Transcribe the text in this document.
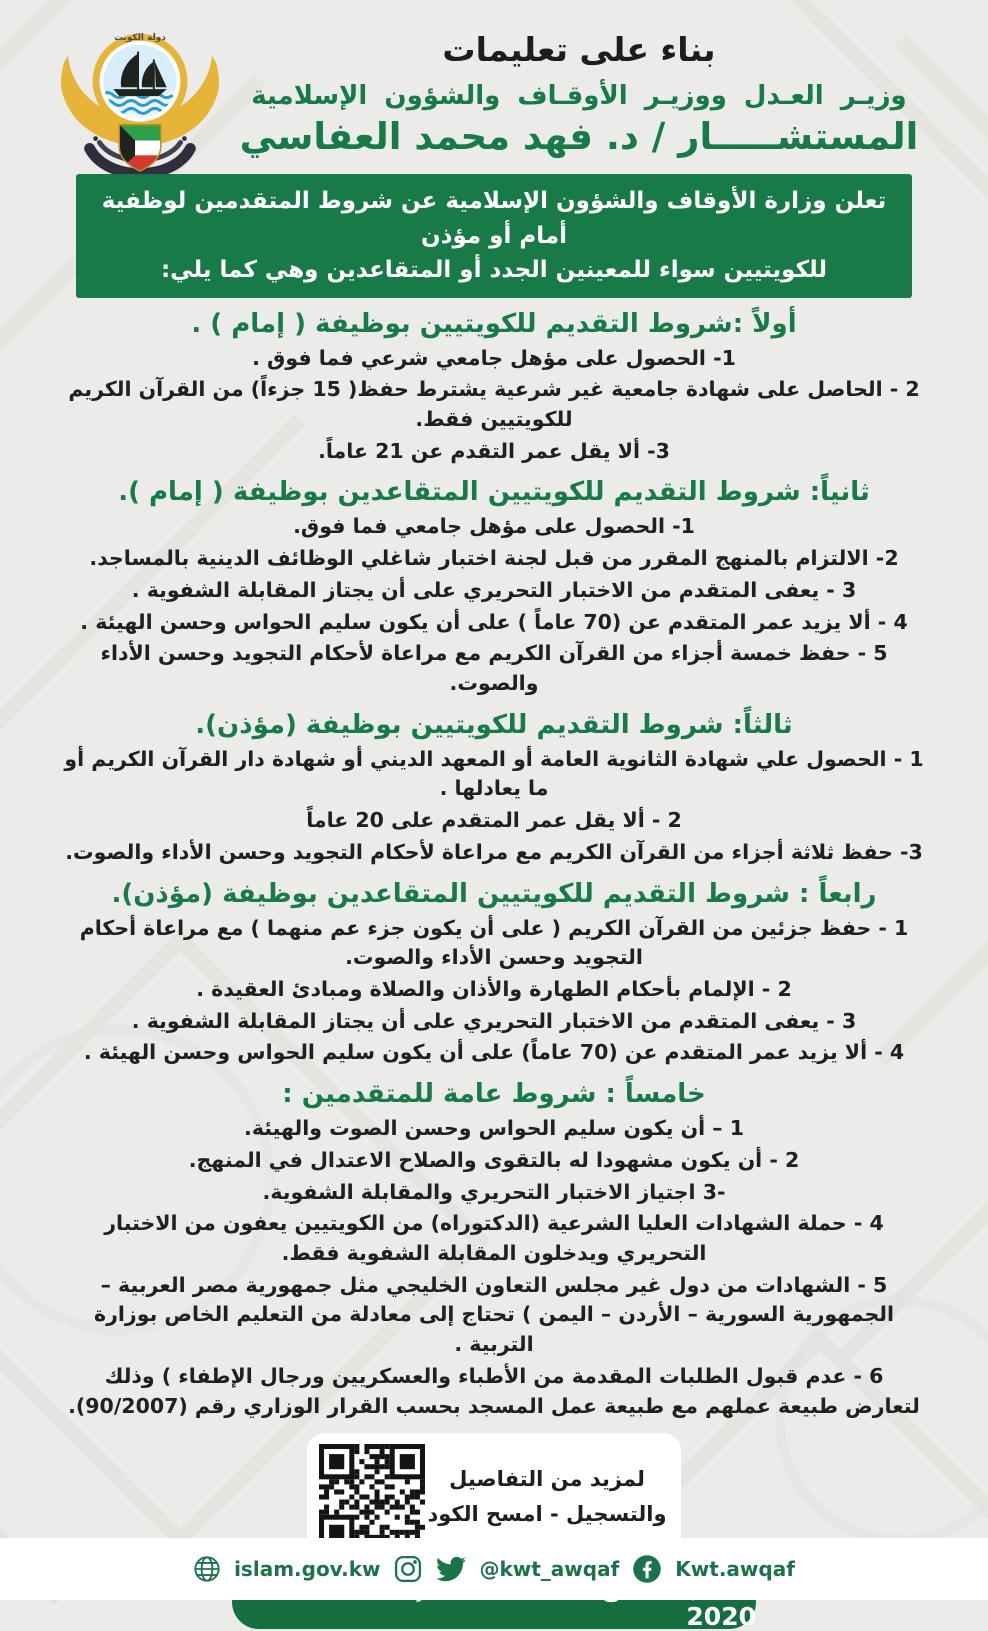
دولة الكويت	بناء على تعليمات
وزيـر العـدل ووزيـر الأوقـاف والشؤون الإسلامية
المستشـــــار / د. فهد محمد العفاسي
تعلن وزارة الأوقاف والشؤون الإسلامية عن شروط المتقدمين لوظفية أمام أو مؤذن
للكويتيين سواء للمعينين الجدد أو المتقاعدين وهي كما يلي:
أولاً :شروط التقديم للكويتيين بوظيفة ( إمام ) .
1- الحصول على مؤهل جامعي شرعي فما فوق .
2 - الحاصل على شهادة جامعية غير شرعية يشترط حفظ( 15 جزءاً) من القرآن الكريم للكويتيين فقط.
3- ألا يقل عمر التقدم عن 21 عاماً.
ثانياً: شروط التقديم للكويتيين المتقاعدين بوظيفة ( إمام ).
1- الحصول على مؤهل جامعي فما فوق.
2- الالتزام بالمنهج المقرر من قبل لجنة اختبار شاغلي الوظائف الدينية بالمساجد.
3 - يعفى المتقدم من الاختبار التحريري على أن يجتاز المقابلة الشفوية .
4 - ألا يزيد عمر المتقدم عن (70 عاماً ) على أن يكون سليم الحواس وحسن الهيئة .
5 - حفظ خمسة أجزاء من القرآن الكريم مع مراعاة لأحكام التجويد وحسن الأداء والصوت.
ثالثاً: شروط التقديم للكويتيين بوظيفة (مؤذن).
1 - الحصول علي شهادة الثانوية العامة أو المعهد الديني أو شهادة دار القرآن الكريم أو ما يعادلها .
2 - ألا يقل عمر المتقدم على 20 عاماً
3- حفظ ثلاثة أجزاء من القرآن الكريم مع مراعاة لأحكام التجويد وحسن الأداء والصوت.
رابعاً : شروط التقديم للكويتيين المتقاعدين بوظيفة (مؤذن).
1 - حفظ جزئين من القرآن الكريم ( على أن يكون جزء عم منهما ) مع مراعاة أحكام التجويد وحسن الأداء والصوت.
2 - الإلمام بأحكام الطهارة والأذان والصلاة ومبادئ العقيدة .
3 - يعفى المتقدم من الاختبار التحريري على أن يجتاز المقابلة الشفوية .
4 - ألا يزيد عمر المتقدم عن (70 عاماً) على أن يكون سليم الحواس وحسن الهيئة .
خامساً : شروط عامة للمتقدمين :
1 – أن يكون سليم الحواس وحسن الصوت والهيئة.
2 - أن يكون مشهودا له بالتقوى والصلاح الاعتدال في المنهج.
-3 اجتياز الاختبار التحريري والمقابلة الشفوية.
4 - حملة الشهادات العليا الشرعية (الدكتوراه) من الكويتيين يعفون من الاختبار التحريري ويدخلون المقابلة الشفوية فقط.
5 - الشهادات من دول غير مجلس التعاون الخليجي مثل جمهورية مصر العربية – الجمهورية السورية – الأردن – اليمن ) تحتاج إلى معادلة من التعليم الخاص بوزارة التربية .
6 - عدم قبول الطلبات المقدمة من الأطباء والعسكريين ورجال الإطفاء ) وذلك لتعارض طبيعة عملهم مع طبيعة عمل المسجد بحسب القرار الوزاري رقم (90/2007).
لمزيد من التفاصيل
والتسجيل - امسح الكود
2020
islam.gov.kw	@kwt_awqaf	Kwt.awqaf
